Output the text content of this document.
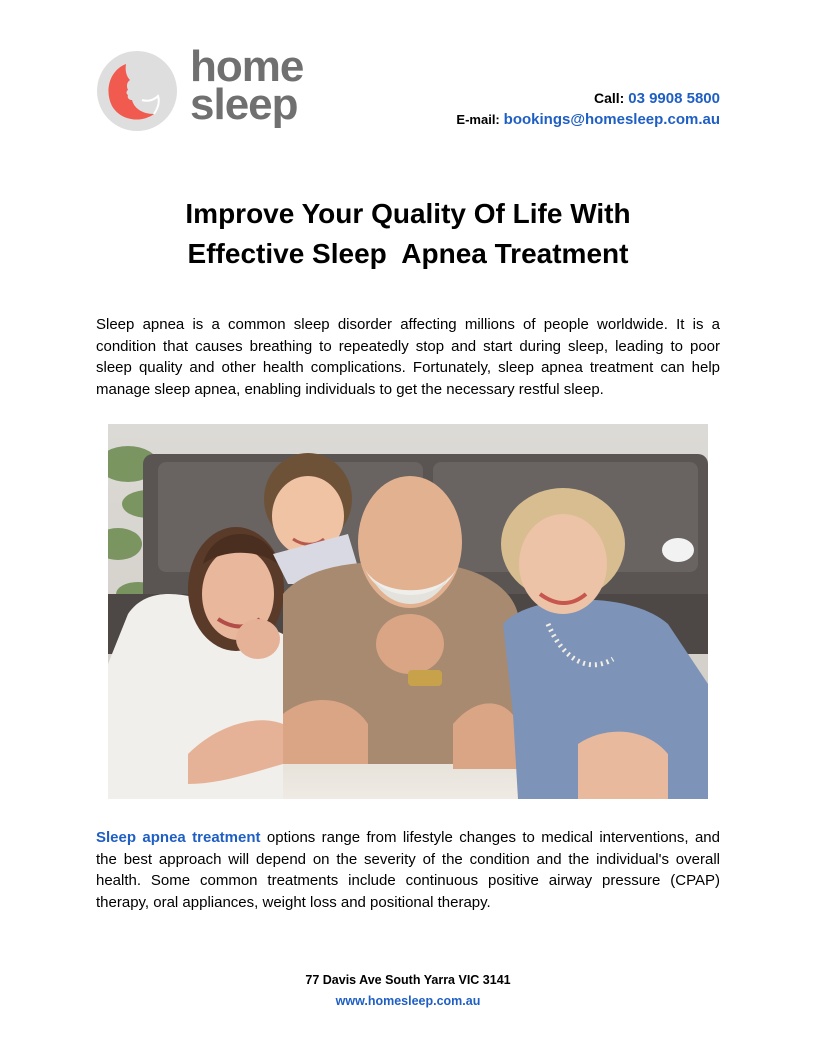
home
sleep	Call: 03 9908 5800
E-mail: bookings@homesleep.com.au
Improve Your Quality Of Life With
Effective Sleep  Apnea Treatment
Sleep apnea is a common sleep disorder affecting millions of people worldwide. It is a condition that causes breathing to repeatedly stop and start during sleep, leading to poor sleep quality and other health complications. Fortunately, sleep apnea treatment can help manage sleep apnea, enabling individuals to get the necessary restful sleep.
Sleep apnea treatment options range from lifestyle changes to medical interventions, and the best approach will depend on the severity of the condition and the individual's overall health. Some common treatments include continuous positive airway pressure (CPAP) therapy, oral appliances, weight loss and positional therapy.
77 Davis Ave South Yarra VIC 3141
www.homesleep.com.au
